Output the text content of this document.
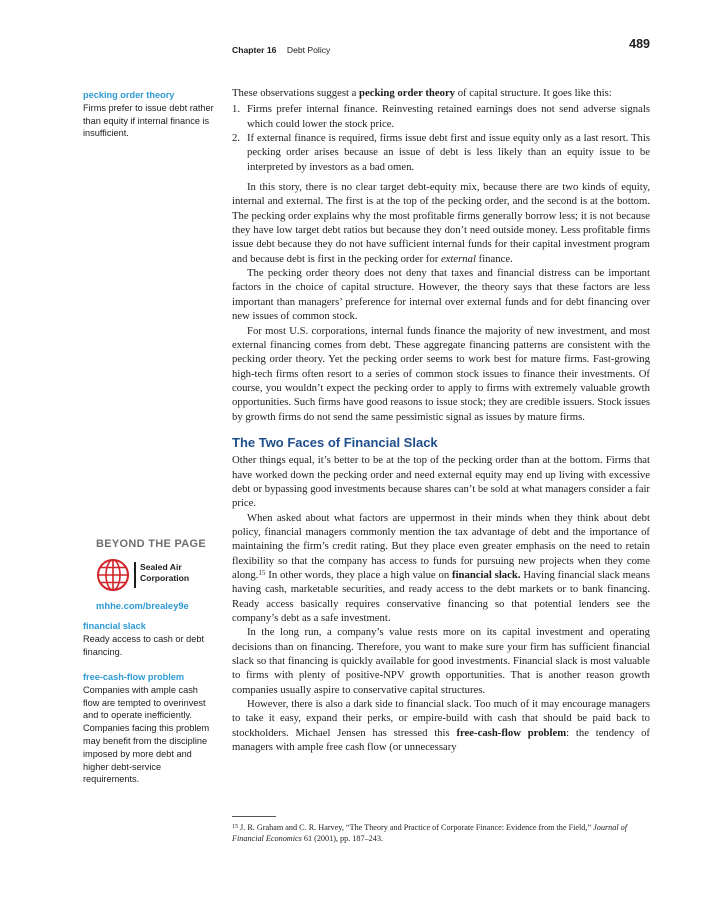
Chapter 16 Debt Policy	489
pecking order theory
Firms prefer to issue debt rather than equity if internal finance is insufficient.
BEYOND THE PAGE
Sealed Air
Corporation
mhhe.com/brealey9e
financial slack
Ready access to cash or debt financing.
free-cash-flow problem
Companies with ample cash flow are tempted to overinvest and to operate inefficiently. Companies facing this problem may benefit from the discipline imposed by more debt and higher debt-service requirements.

These observations suggest a pecking order theory of capital structure. It goes like this:

1. Firms prefer internal finance. Reinvesting retained earnings does not send adverse signals which could lower the stock price.
2. If external finance is required, firms issue debt first and issue equity only as a last resort. This pecking order arises because an issue of debt is less likely than an equity issue to be interpreted by investors as a bad omen.

In this story, there is no clear target debt-equity mix, because there are two kinds of equity, internal and external. The first is at the top of the pecking order, and the second is at the bottom. The pecking order explains why the most profitable firms generally borrow less; it is not because they have low target debt ratios but because they don’t need outside money. Less profitable firms issue debt because they do not have sufficient internal funds for their capital investment program and because debt is first in the pecking order for external finance.

The pecking order theory does not deny that taxes and financial distress can be important factors in the choice of capital structure. However, the theory says that these factors are less important than managers’ preference for internal over external funds and for debt financing over new issues of common stock.

For most U.S. corporations, internal funds finance the majority of new investment, and most external financing comes from debt. These aggregate financing patterns are consistent with the pecking order theory. Yet the pecking order seems to work best for mature firms. Fast-growing high-tech firms often resort to a series of common stock issues to finance their investments. Of course, you wouldn’t expect the pecking order to apply to firms with extremely valuable growth opportunities. Such firms have good reasons to issue stock; they are credible issuers. Stock issues by growth firms do not send the same pessimistic signal as issues by mature firms.

The Two Faces of Financial Slack

Other things equal, it’s better to be at the top of the pecking order than at the bottom. Firms that have worked down the pecking order and need external equity may end up living with excessive debt or bypassing good investments because shares can’t be sold at what managers consider a fair price.

When asked about what factors are uppermost in their minds when they think about debt policy, financial managers commonly mention the tax advantage of debt and the importance of maintaining the firm’s credit rating. But they place even greater emphasis on the need to retain flexibility so that the company has access to funds for pursuing new projects when they come along.$^{15}$ In other words, they place a high value on financial slack. Having financial slack means having cash, marketable securities, and ready access to the debt markets or to bank financing. Ready access basically requires conservative financing so that potential lenders see the company’s debt as a safe investment.

In the long run, a company’s value rests more on its capital investment and operating decisions than on financing. Therefore, you want to make sure your firm has sufficient financial slack so that financing is quickly available for good investments. Financial slack is most valuable to firms with plenty of positive-NPV growth opportunities. That is another reason growth companies usually aspire to conservative capital structures.

However, there is also a dark side to financial slack. Too much of it may encourage managers to take it easy, expand their perks, or empire-build with cash that should be paid back to stockholders. Michael Jensen has stressed this free-cash-flow problem: the tendency of managers with ample free cash flow (or unnecessary

$^{15}$ J. R. Graham and C. R. Harvey, “The Theory and Practice of Corporate Finance: Evidence from the Field,” Journal of Financial Economics 61 (2001), pp. 187–243.
